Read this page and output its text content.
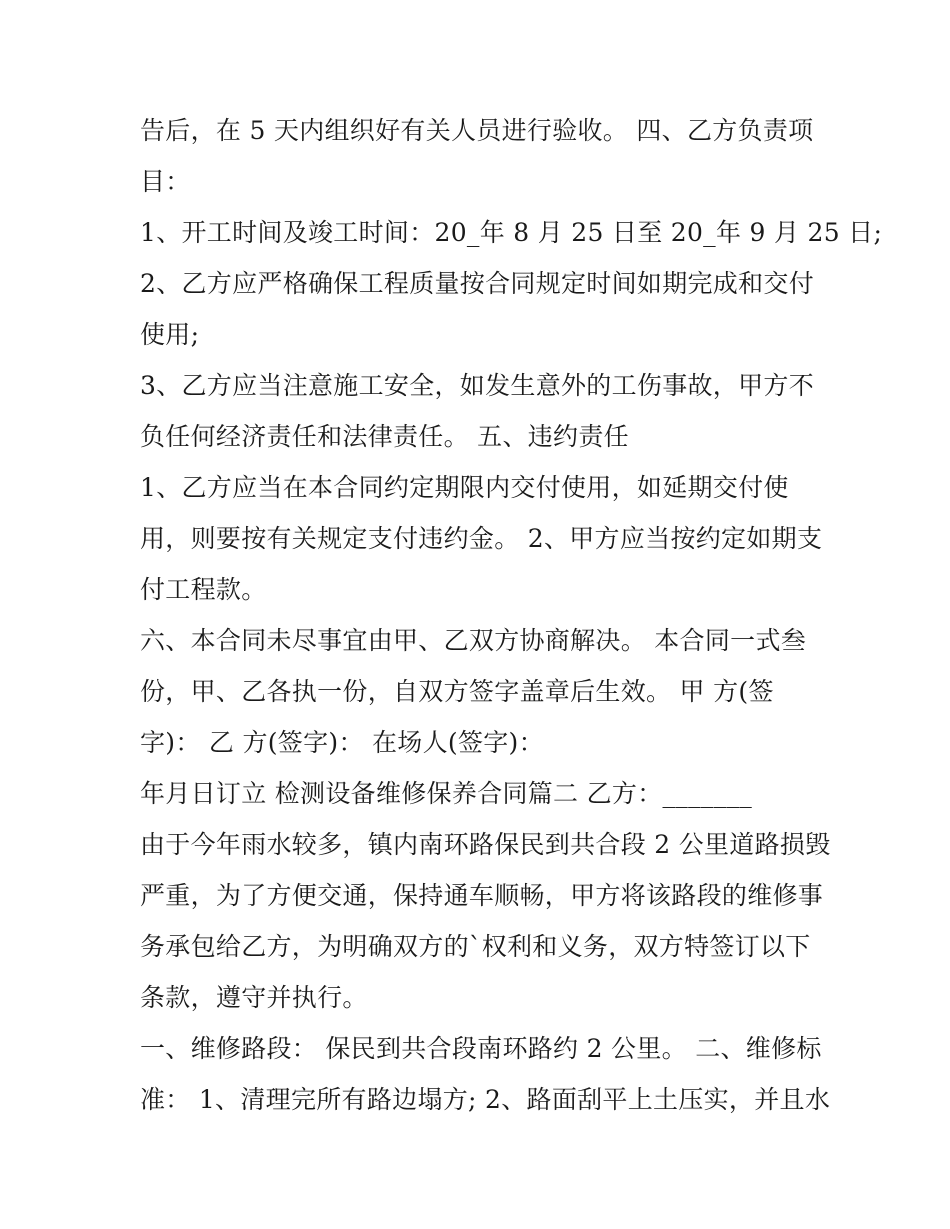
告后，在 5 天内组织好有关人员进行验收。 四、乙方负责项
目：
1、开工时间及竣工时间：20_年 8 月 25 日至 20_年 9 月 25 日;
2、乙方应严格确保工程质量按合同规定时间如期完成和交付
使用;
3、乙方应当注意施工安全，如发生意外的工伤事故，甲方不
负任何经济责任和法律责任。 五、违约责任
1、乙方应当在本合同约定期限内交付使用，如延期交付使
用，则要按有关规定支付违约金。 2、甲方应当按约定如期支
付工程款。
六、本合同未尽事宜由甲、乙双方协商解决。 本合同一式叁
份，甲、乙各执一份，自双方签字盖章后生效。 甲 方(签
字)： 乙 方(签字)： 在场人(签字)：
年月日订立 检测设备维修保养合同篇二 乙方：_______
由于今年雨水较多，镇内南环路保民到共合段 2 公里道路损毁
严重，为了方便交通，保持通车顺畅，甲方将该路段的维修事
务承包给乙方，为明确双方的`权利和义务，双方特签订以下
条款，遵守并执行。
一、维修路段： 保民到共合段南环路约 2 公里。 二、维修标
准： 1、清理完所有路边塌方; 2、路面刮平上土压实，并且水
